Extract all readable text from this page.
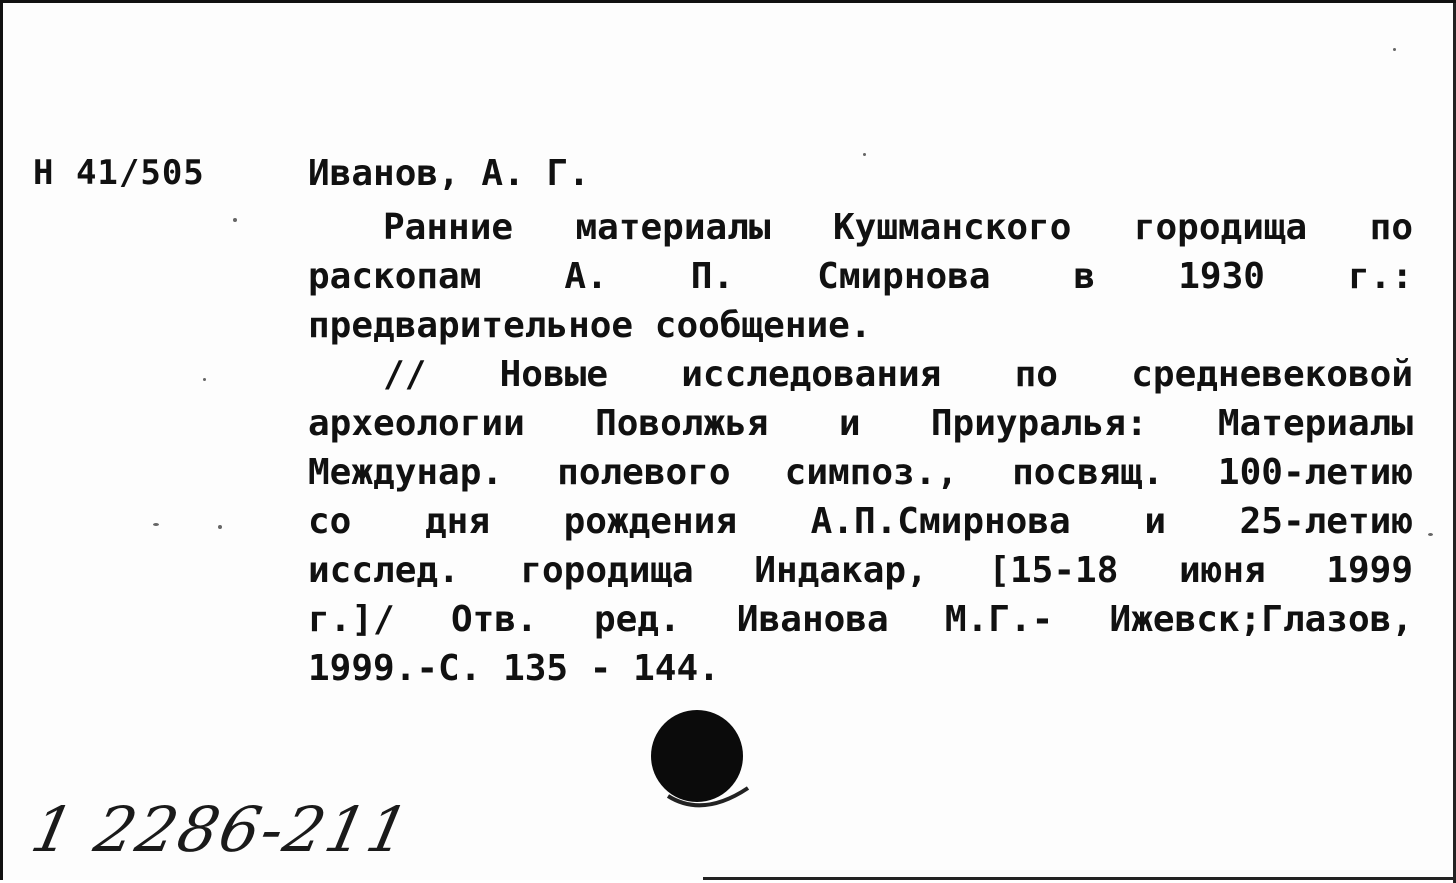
Н 41/505	Иванов, А. Г.
Ранние материалы Кушманского городища по
раскопам А. П. Смирнова в 1930 г.:
предварительное сообщение.
// Новые исследования по средневековой
археологии Поволжья и Приуралья: Материалы
Междунар. полевого симпоз., посвящ. 100-летию
со дня рождения А.П.Смирнова и 25-летию
исслед. городища Индакар, [15-18 июня 1999
г.]/ Отв. ред. Иванова М.Г.- Ижевск;Глазов,
1999.-С. 135 - 144.
1 2286-211
